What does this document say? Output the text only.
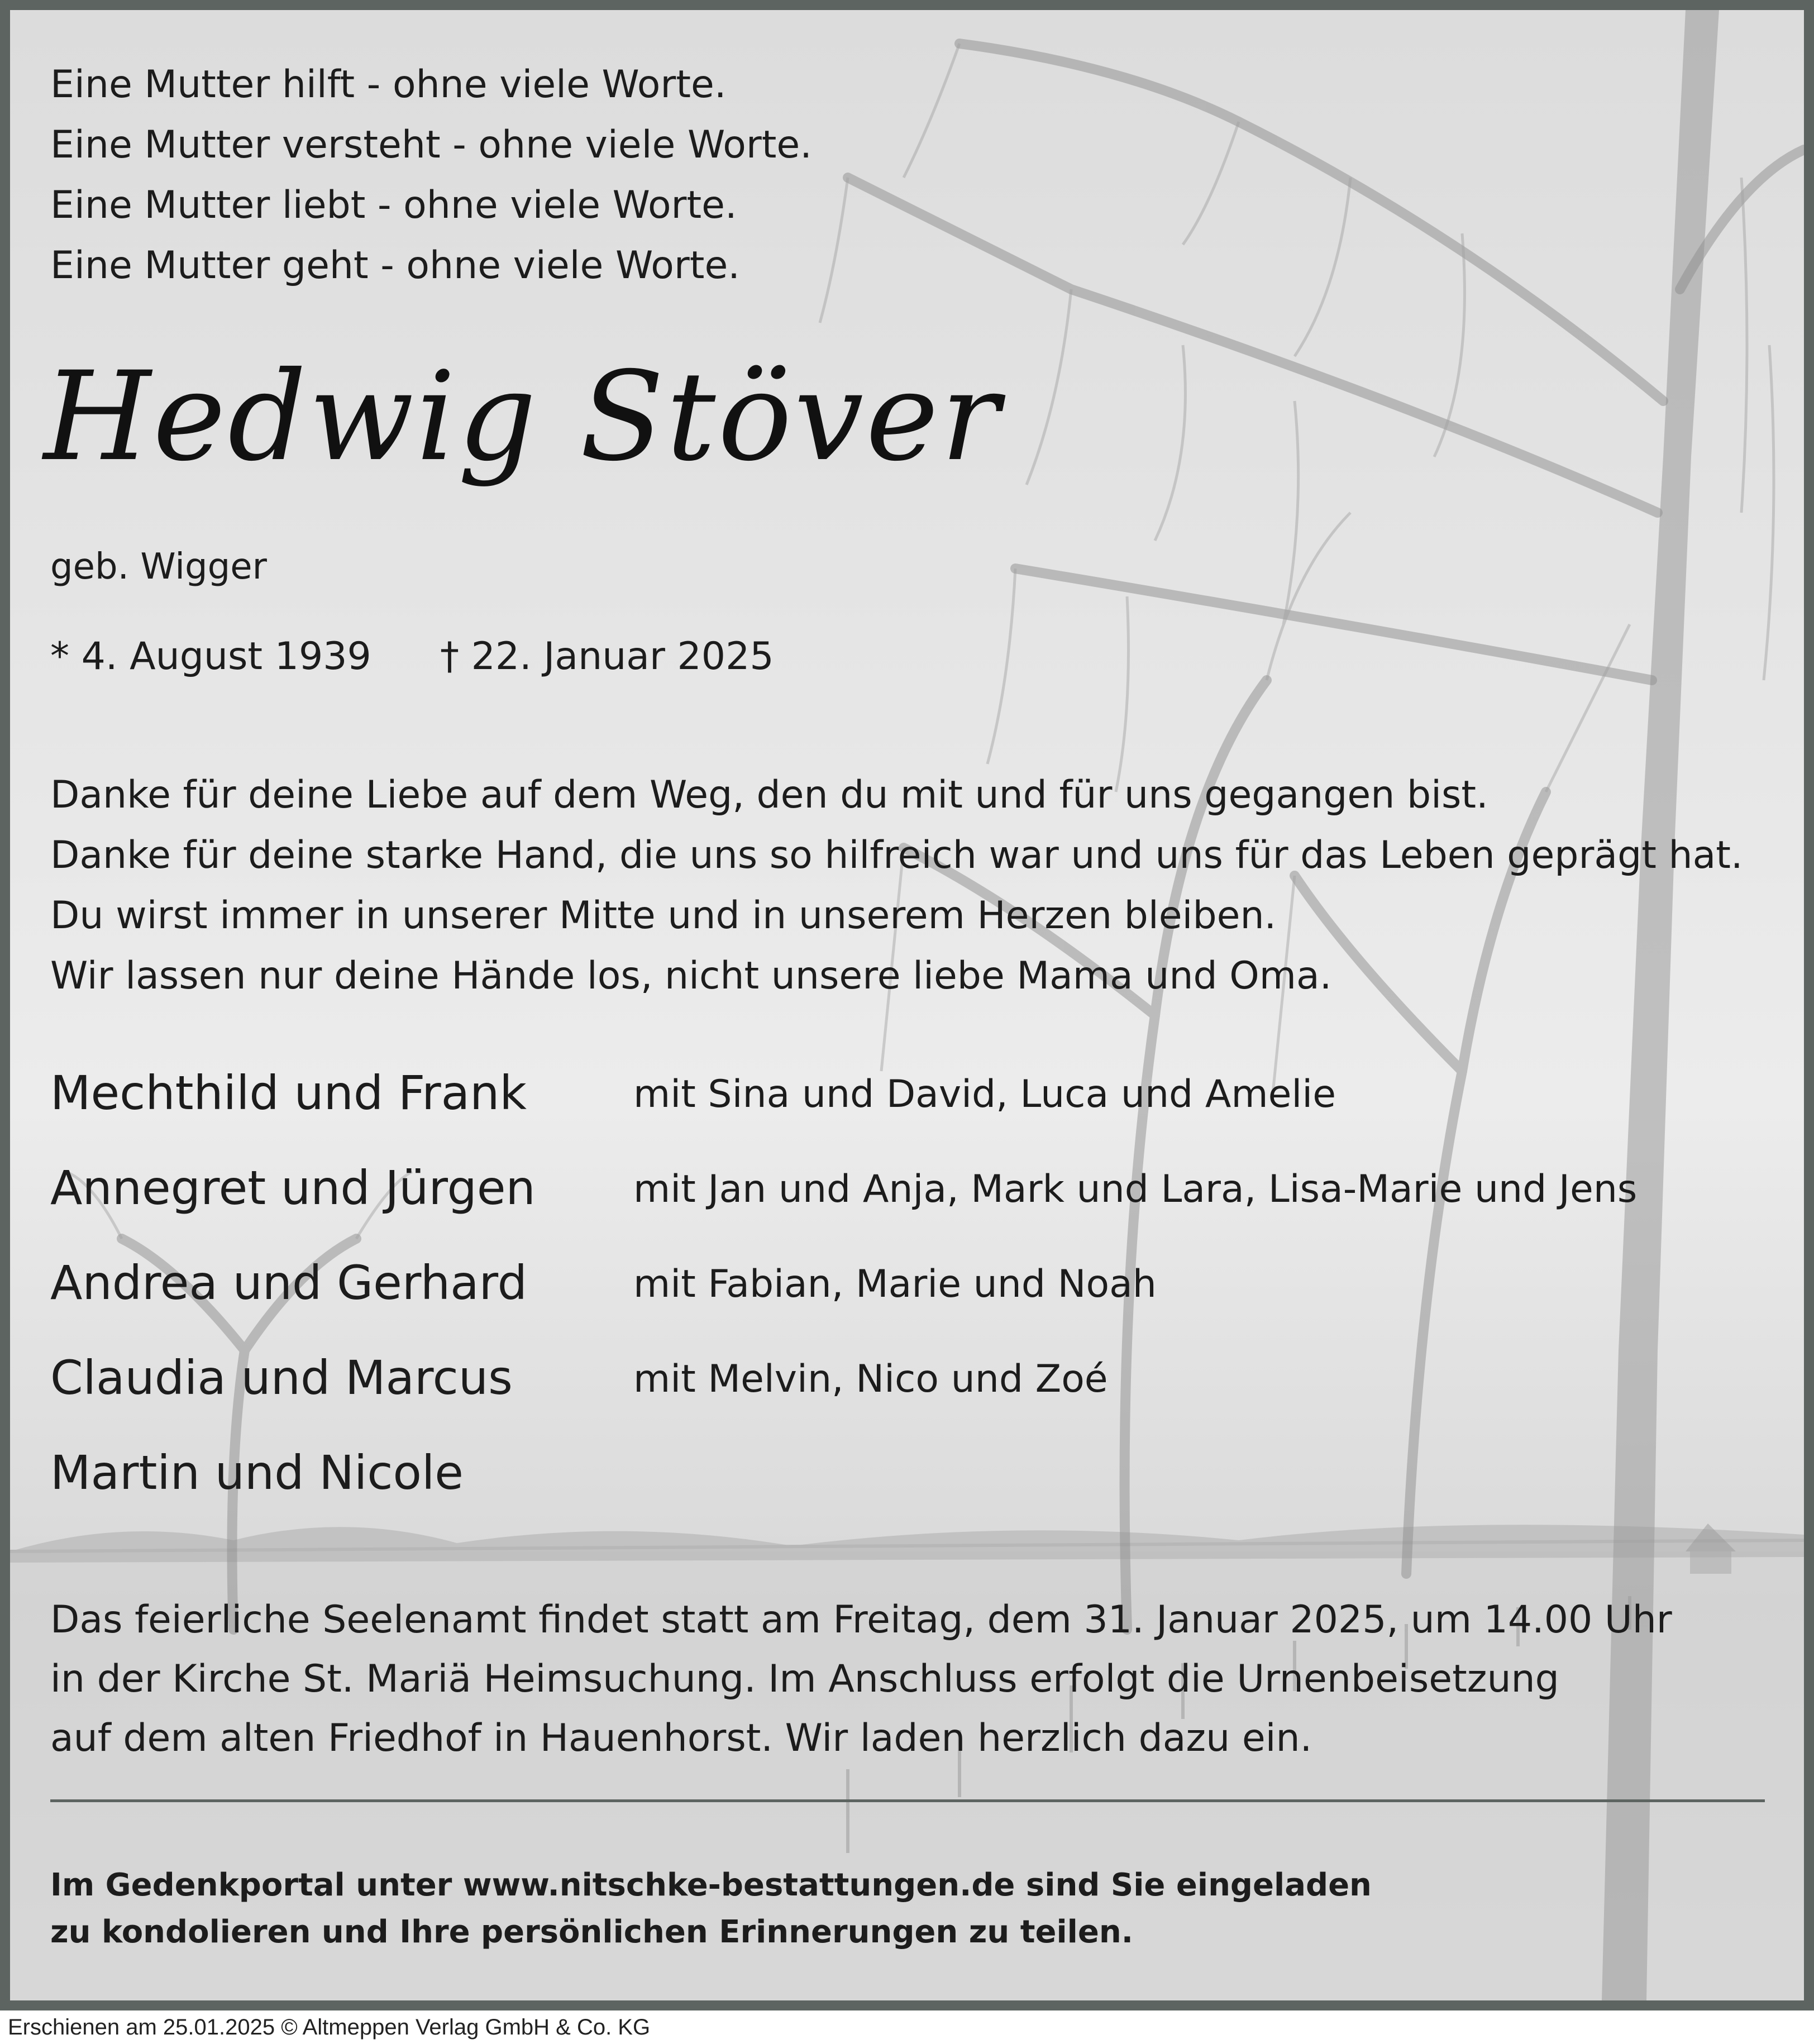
Eine Mutter hilft - ohne viele Worte.
Eine Mutter versteht - ohne viele Worte.
Eine Mutter liebt - ohne viele Worte.
Eine Mutter geht - ohne viele Worte.
Hedwig Stöver
geb. Wigger
* 4. August 1939 † 22. Januar 2025
Danke für deine Liebe auf dem Weg, den du mit und für uns gegangen bist.
Danke für deine starke Hand, die uns so hilfreich war und uns für das Leben geprägt hat.
Du wirst immer in unserer Mitte und in unserem Herzen bleiben.
Wir lassen nur deine Hände los, nicht unsere liebe Mama und Oma.
Mechthild und Frank	mit Sina und David, Luca und Amelie
Annegret und Jürgen	mit Jan und Anja, Mark und Lara, Lisa-Marie und Jens
Andrea und Gerhard	mit Fabian, Marie und Noah
Claudia und Marcus	mit Melvin, Nico und Zoé
Martin und Nicole
Das feierliche Seelenamt findet statt am Freitag, dem 31. Januar 2025, um 14.00 Uhr
in der Kirche St. Mariä Heimsuchung. Im Anschluss erfolgt die Urnenbeisetzung
auf dem alten Friedhof in Hauenhorst. Wir laden herzlich dazu ein.
Im Gedenkportal unter www.nitschke-bestattungen.de sind Sie eingeladen
zu kondolieren und Ihre persönlichen Erinnerungen zu teilen.
Erschienen am 25.01.2025 © Altmeppen Verlag GmbH & Co. KG
